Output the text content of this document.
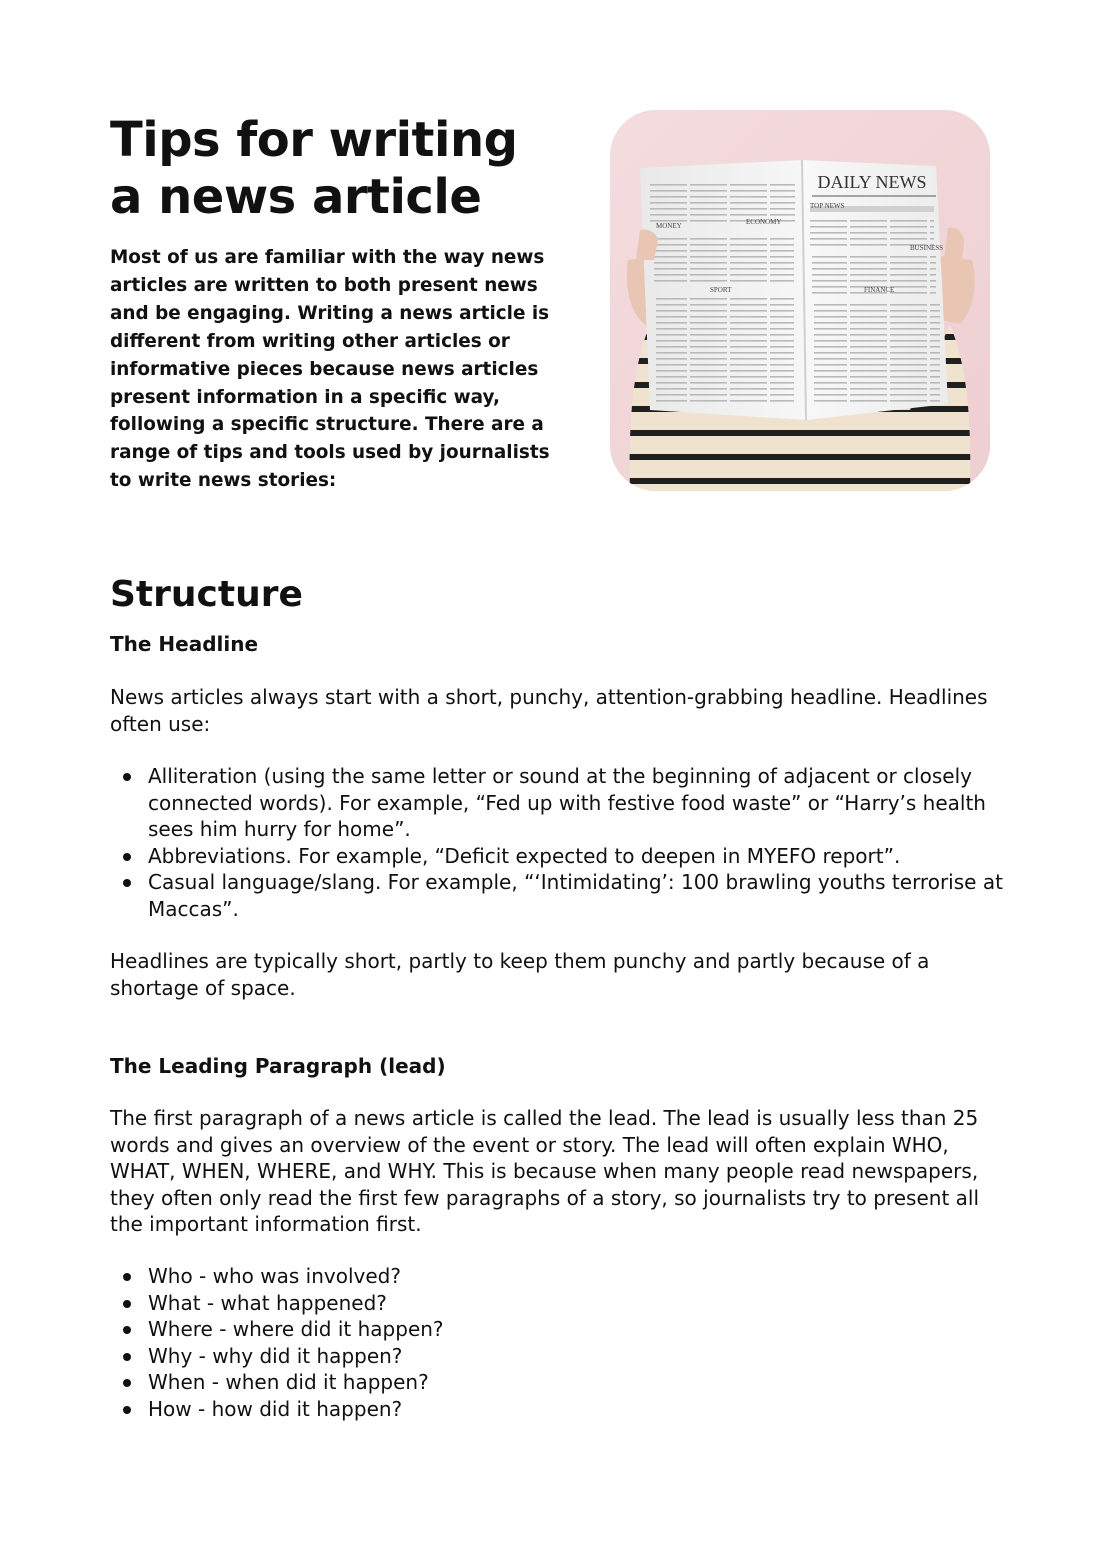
Tips for writing
a news article

Most of us are familiar with the way news articles are written to both present news and be engaging. Writing a news article is different from writing other articles or informative pieces because news articles present information in a specific way, following a specific structure. There are a range of tips and tools used by journalists to write news stories:

DAILY NEWS
TOP NEWS
MONEY	ECONOMY
BUSINESS
SPORT	FINANCE
Structure
The Headline

News articles always start with a short, punchy, attention-grabbing headline. Headlines often use:

Alliteration (using the same letter or sound at the beginning of adjacent or closely connected words). For example, “Fed up with festive food waste” or “Harry’s health sees him hurry for home”.
Abbreviations. For example, “Deficit expected to deepen in MYEFO report”.
Casual language/slang. For example, “‘Intimidating’: 100 brawling youths terrorise at Maccas”.

Headlines are typically short, partly to keep them punchy and partly because of a shortage of space.

The Leading Paragraph (lead)

The first paragraph of a news article is called the lead. The lead is usually less than 25 words and gives an overview of the event or story. The lead will often explain WHO, WHAT, WHEN, WHERE, and WHY. This is because when many people read newspapers, they often only read the first few paragraphs of a story, so journalists try to present all the important information first.

Who - who was involved?
What - what happened?
Where - where did it happen?
Why - why did it happen?
When - when did it happen?
How - how did it happen?
